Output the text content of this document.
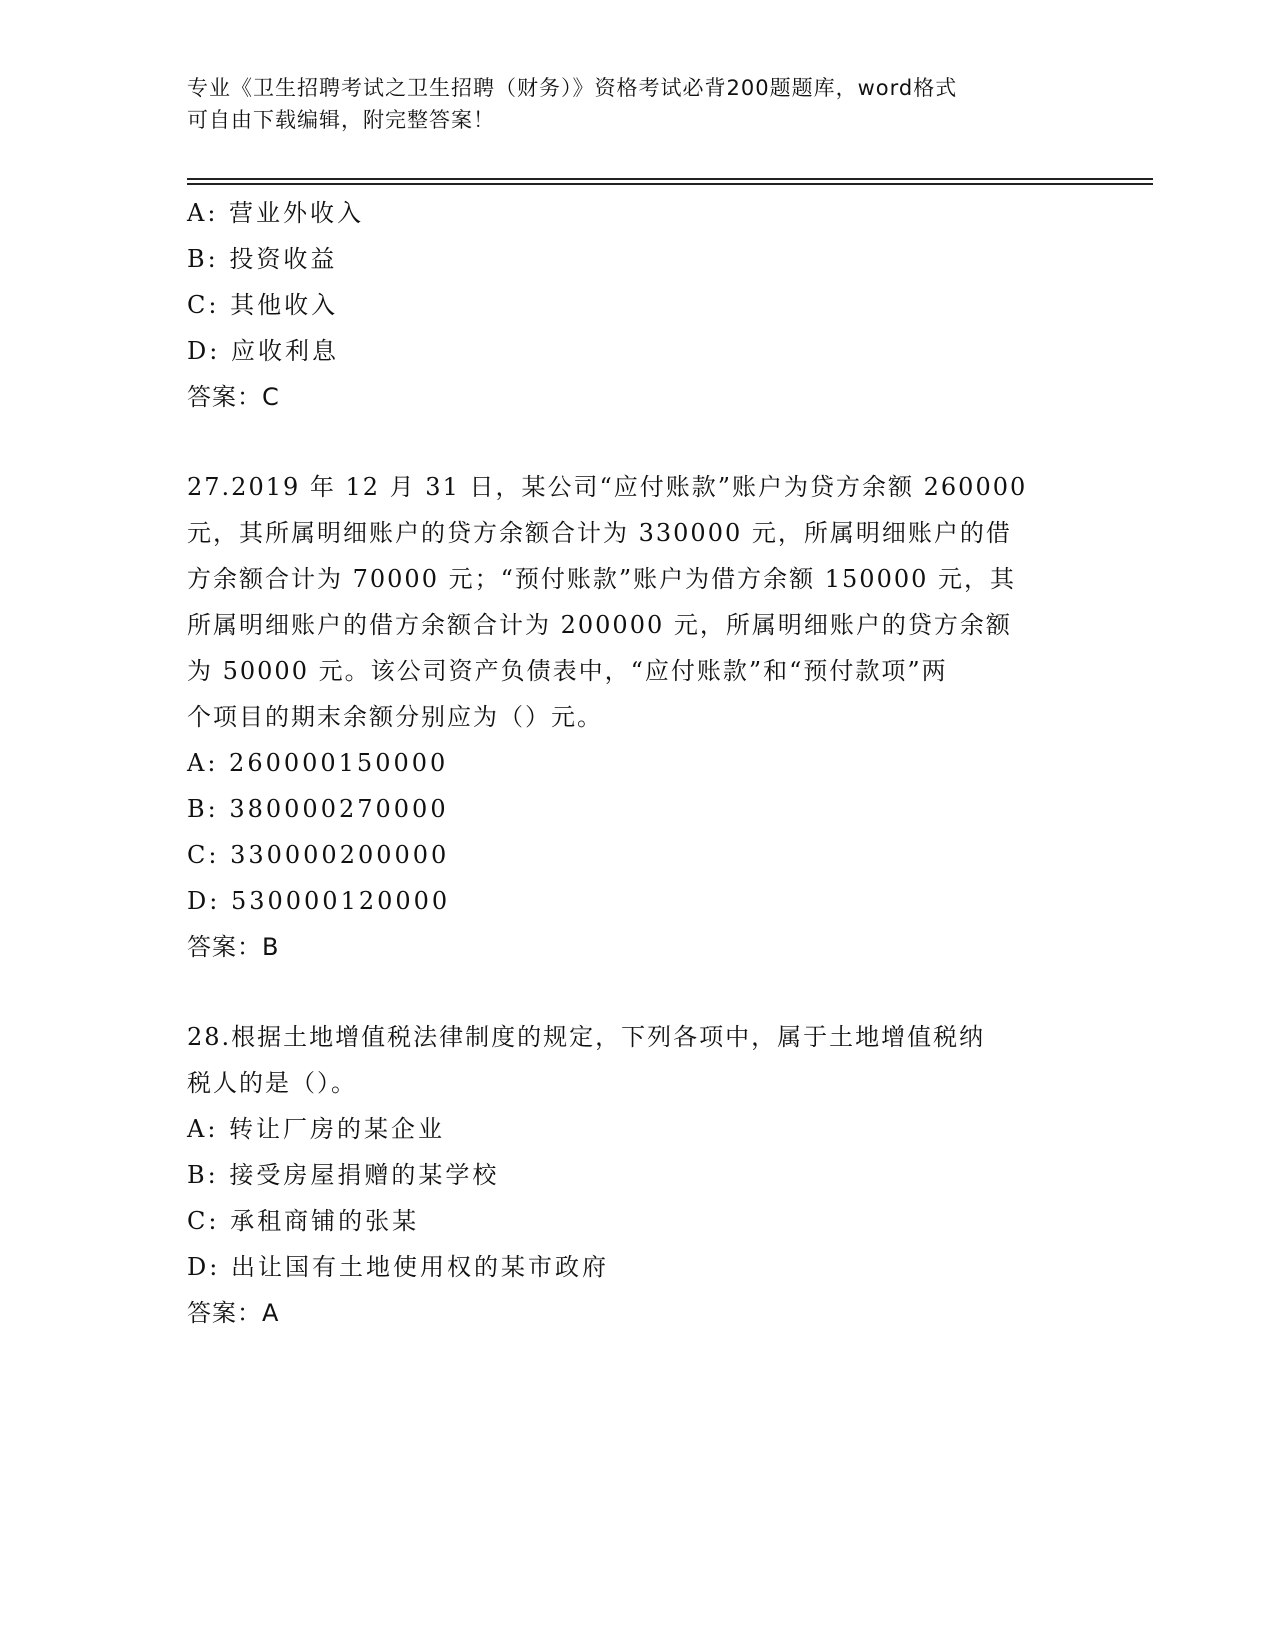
专业《卫生招聘考试之卫生招聘（财务）》资格考试必背200题题库，word格式
可自由下载编辑，附完整答案！
A: 营业外收入
B: 投资收益
C: 其他收入
D: 应收利息
答案：C
27.2019 年 12 月 31 日，某公司“应付账款”账户为贷方余额 260000
元，其所属明细账户的贷方余额合计为 330000 元，所属明细账户的借
方余额合计为 70000 元；“预付账款”账户为借方余额 150000 元，其
所属明细账户的借方余额合计为 200000 元，所属明细账户的贷方余额
为 50000 元。该公司资产负债表中，“应付账款”和“预付款项”两
个项目的期末余额分别应为（）元。
A: 260000150000
B: 380000270000
C: 330000200000
D: 530000120000
答案：B
28.根据土地增值税法律制度的规定，下列各项中，属于土地增值税纳
税人的是（）。
A: 转让厂房的某企业
B: 接受房屋捐赠的某学校
C: 承租商铺的张某
D: 出让国有土地使用权的某市政府
答案：A
